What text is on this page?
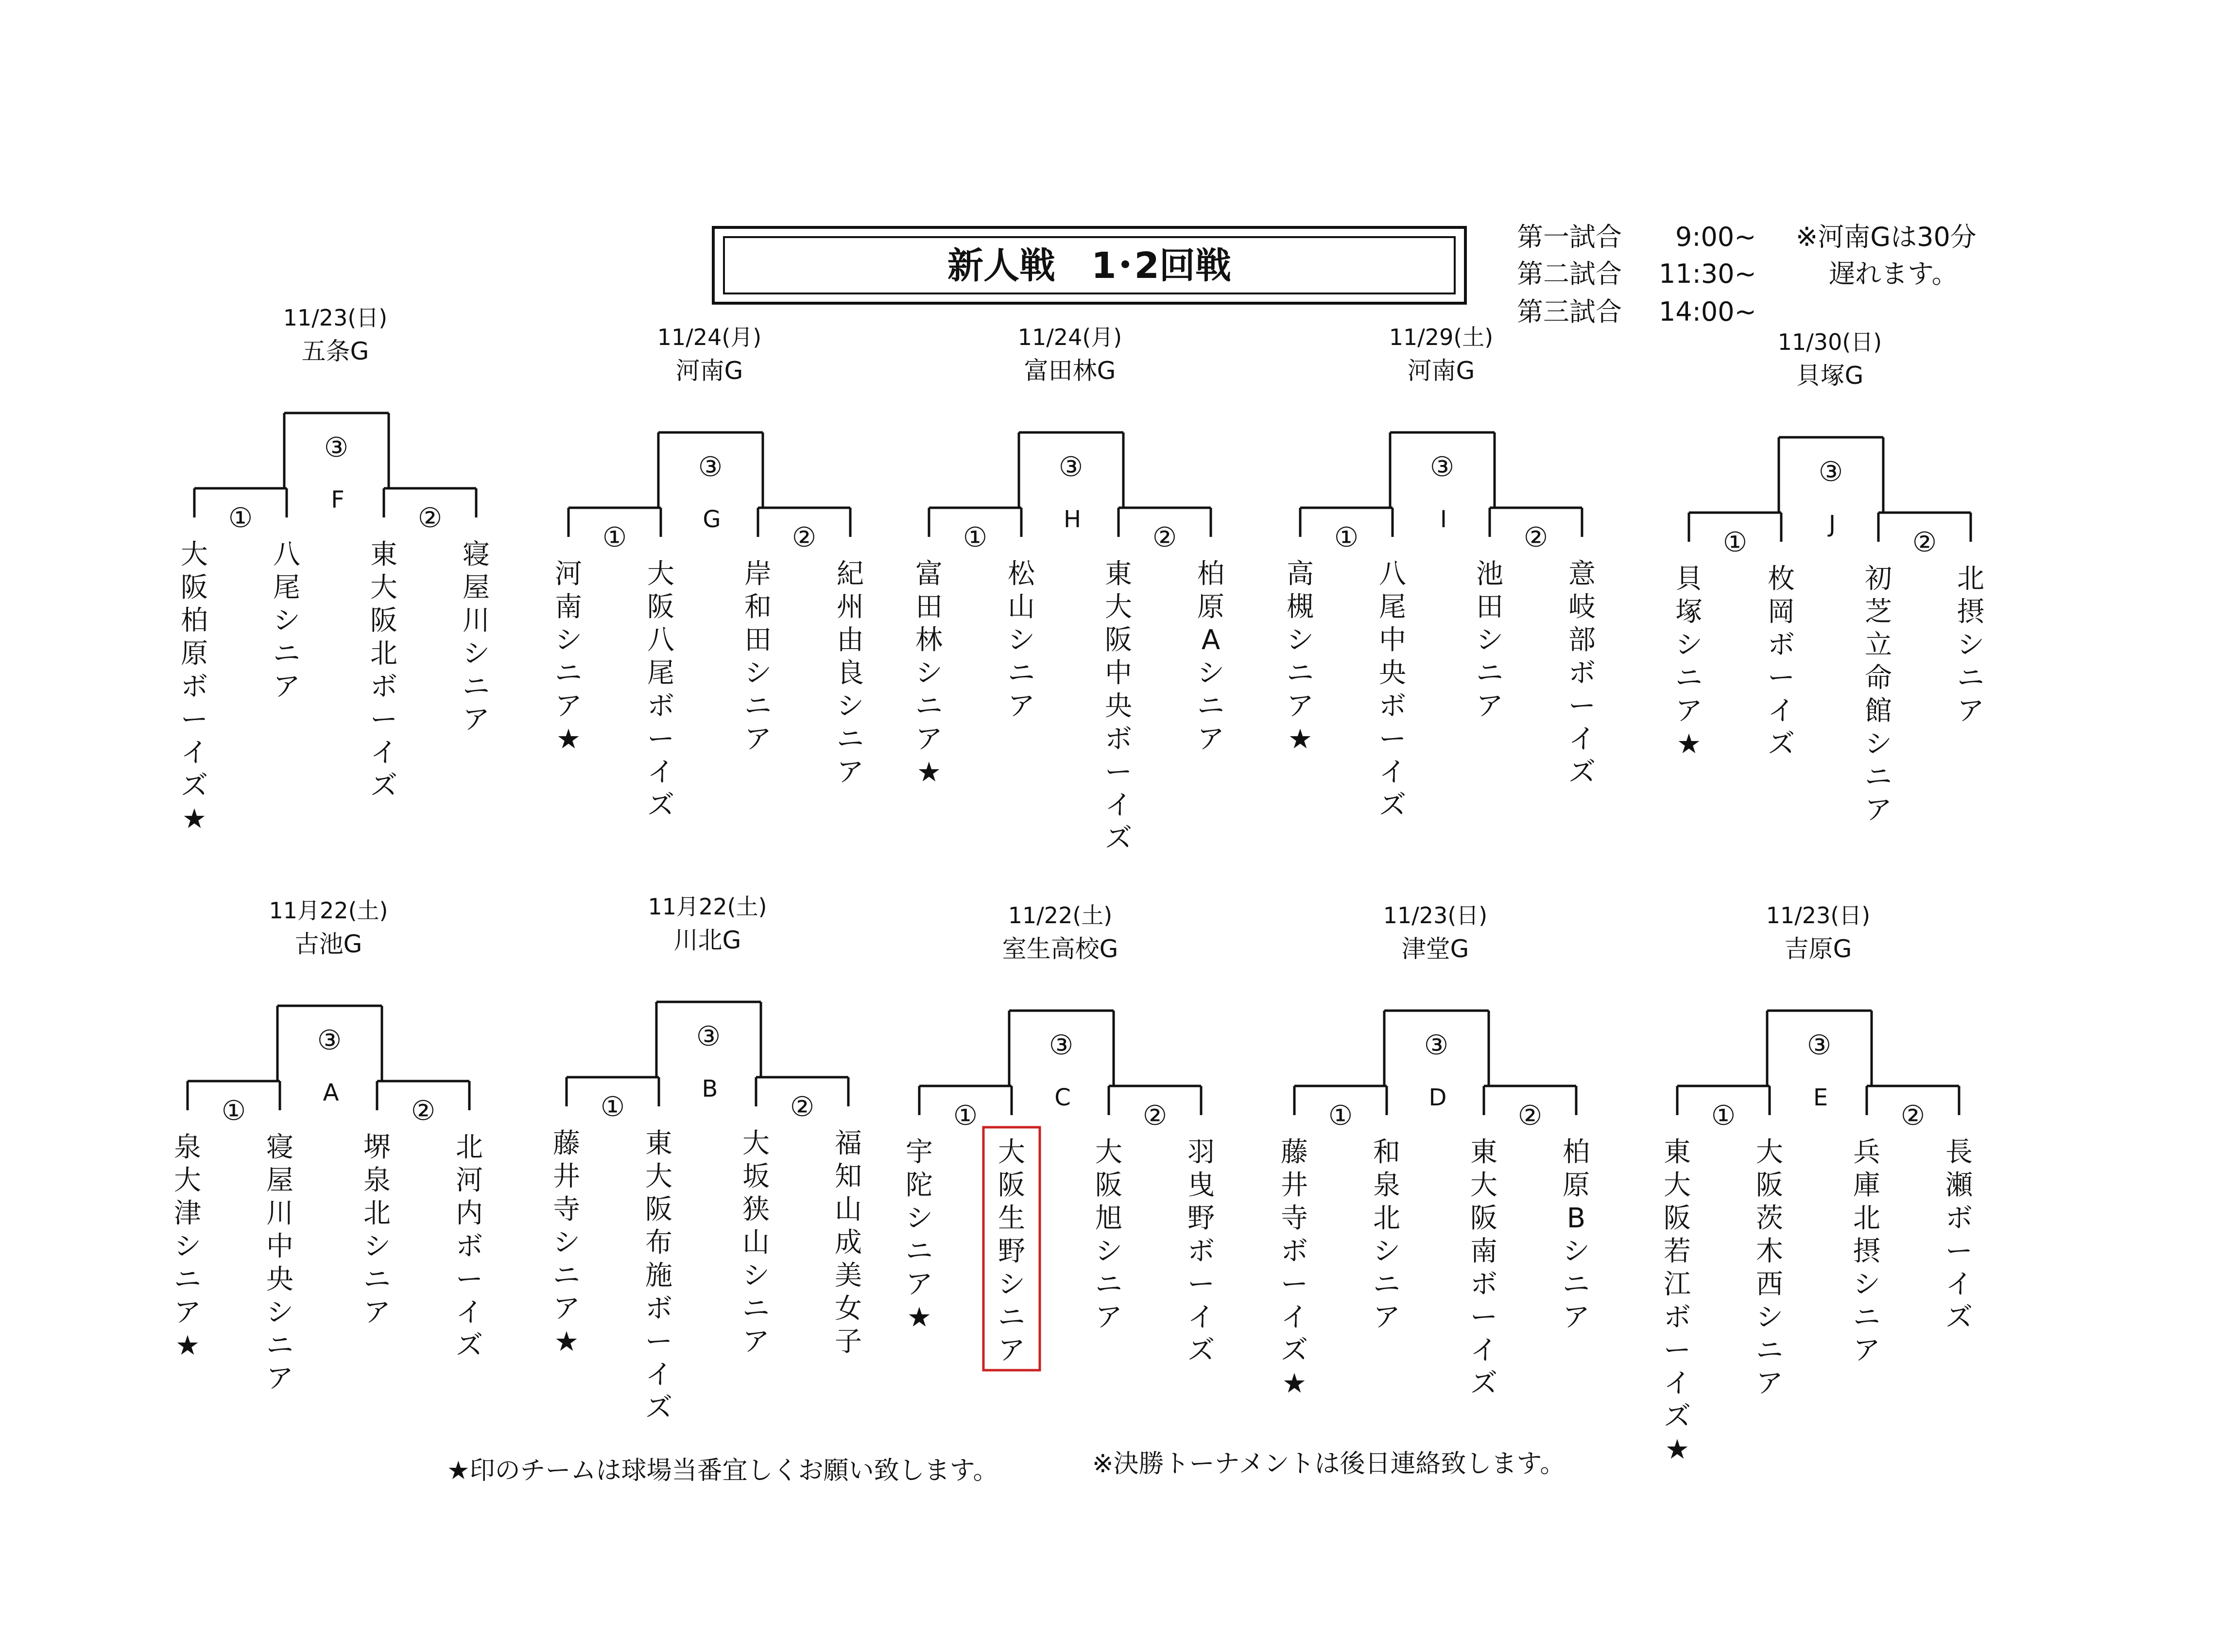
新人戦　1･2回戦
第一試合 9:00~
第二試合 11:30~
第三試合 14:00~
※河南Gは30分
遅れます。
11/23(日)
五条G
③
F
①	②
大阪柏原ボーイズ★
八尾シニア
東大阪北ボーイズ
寝屋川シニア
11/24(月)
河南G
③
G
①	②
河南シニア★
大阪八尾ボーイズ
岸和田シニア
紀州由良シニア
11/24(月)
富田林G
③
H
①	②
富田林シニア★
松山シニア
東大阪中央ボーイズ
柏原 A シニア
11/29(土)
河南G
③
I
①	②
高槻シニア★
八尾中央ボーイズ
池田シニア
意岐部ボーイズ
11/30(日)
貝塚G
③
J
①	②
貝塚シニア★
枚岡ボーイズ
初芝立命館シニア
北摂シニア
11月22(土)
古池G
③
A
①	②
泉大津シニア★
寝屋川中央シニア
堺泉北シニア
北河内ボーイズ
11月22(土)
川北G
③
B
①	②
藤井寺シニア★
東大阪布施ボーイズ
大坂狭山シニア
福知山成美女子
11/22(土)
室生高校G
③
C
①	②
宇陀シニア★
大阪生野シニア
大阪旭シニア
羽曳野ボーイズ
11/23(日)
津堂G
③
D
①	②
藤井寺ボーイズ★
和泉北シニア
東大阪南ボーイズ
柏原 B シニア
11/23(日)
吉原G
③
E
①	②
東大阪若江ボーイズ★
大阪茨木西シニア
兵庫北摂シニア
長瀬ボーイズ
★印のチームは球場当番宜しくお願い致します。	※決勝トーナメントは後日連絡致します。
